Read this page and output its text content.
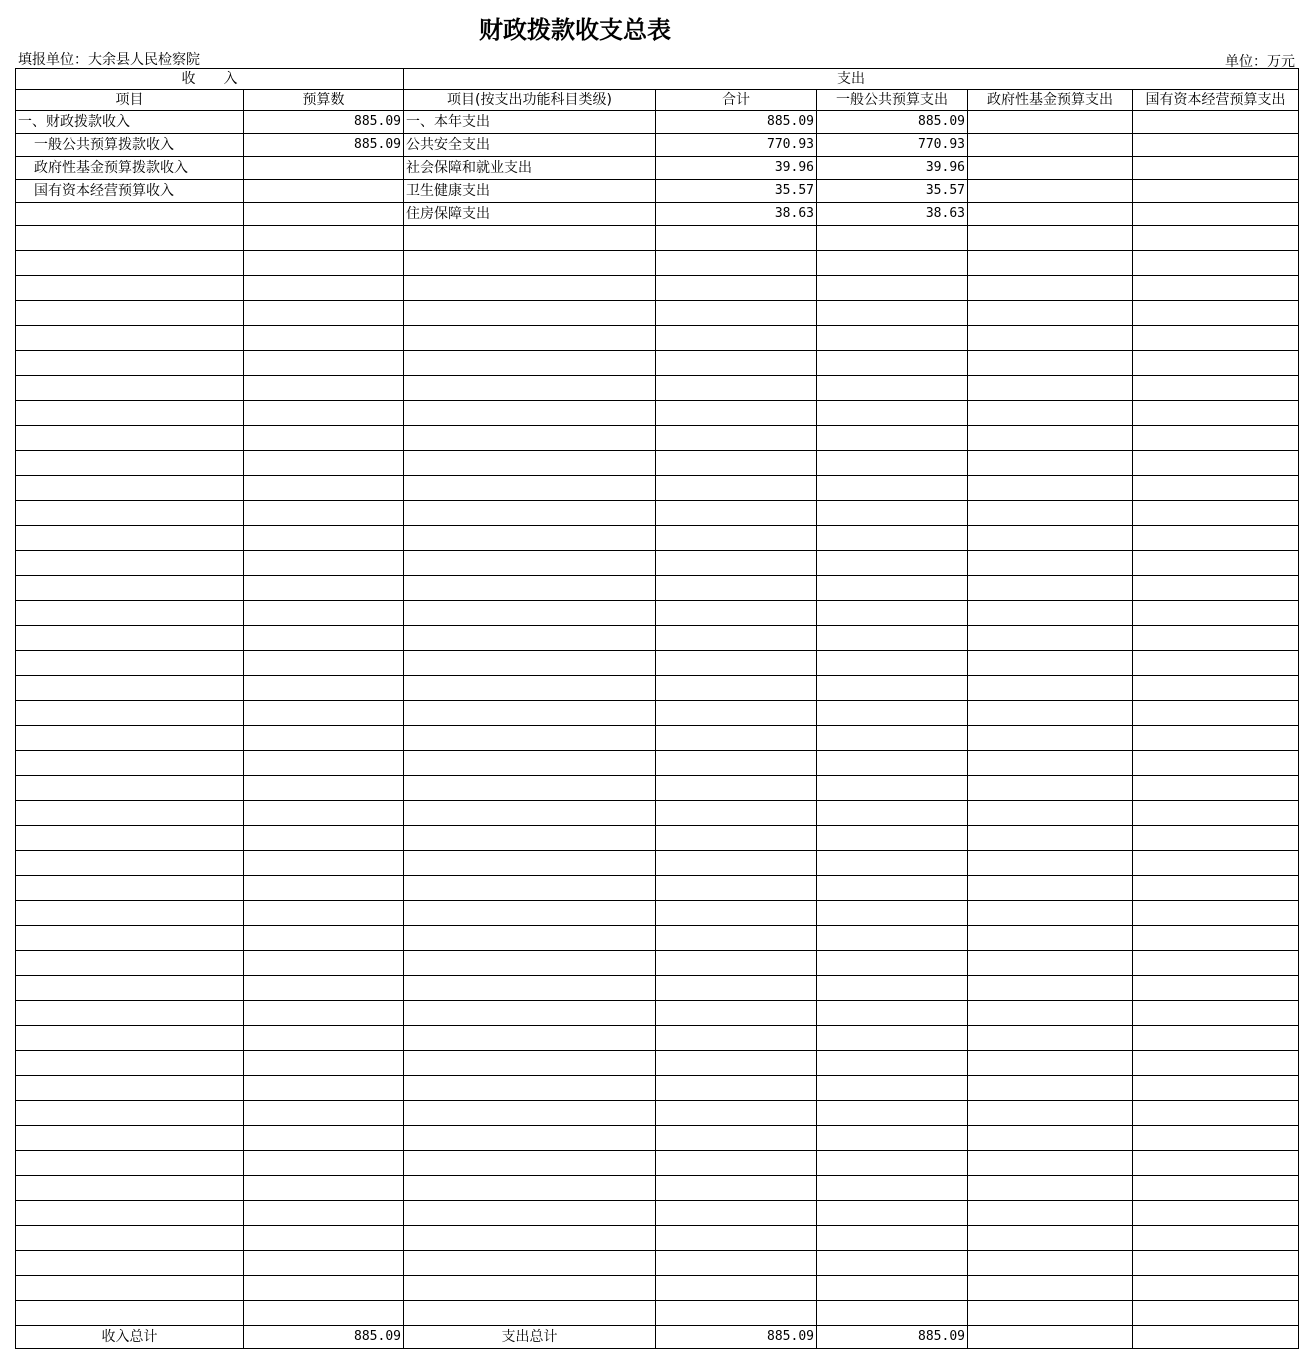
财政拨款收支总表
填报单位：大余县人民检察院	单位：万元
收　　入		支出				
项目	预算数	项目(按支出功能科目类级)	合计	一般公共预算支出	政府性基金预算支出	国有资本经营预算支出
一、财政拨款收入	885.09	一、本年支出	885.09	885.09		
一般公共预算拨款收入	885.09	公共安全支出	770.93	770.93		
政府性基金预算拨款收入		社会保障和就业支出	39.96	39.96		
国有资本经营预算收入		卫生健康支出	35.57	35.57		
		住房保障支出	38.63	38.63		

收入总计	885.09	支出总计	885.09	885.09		
